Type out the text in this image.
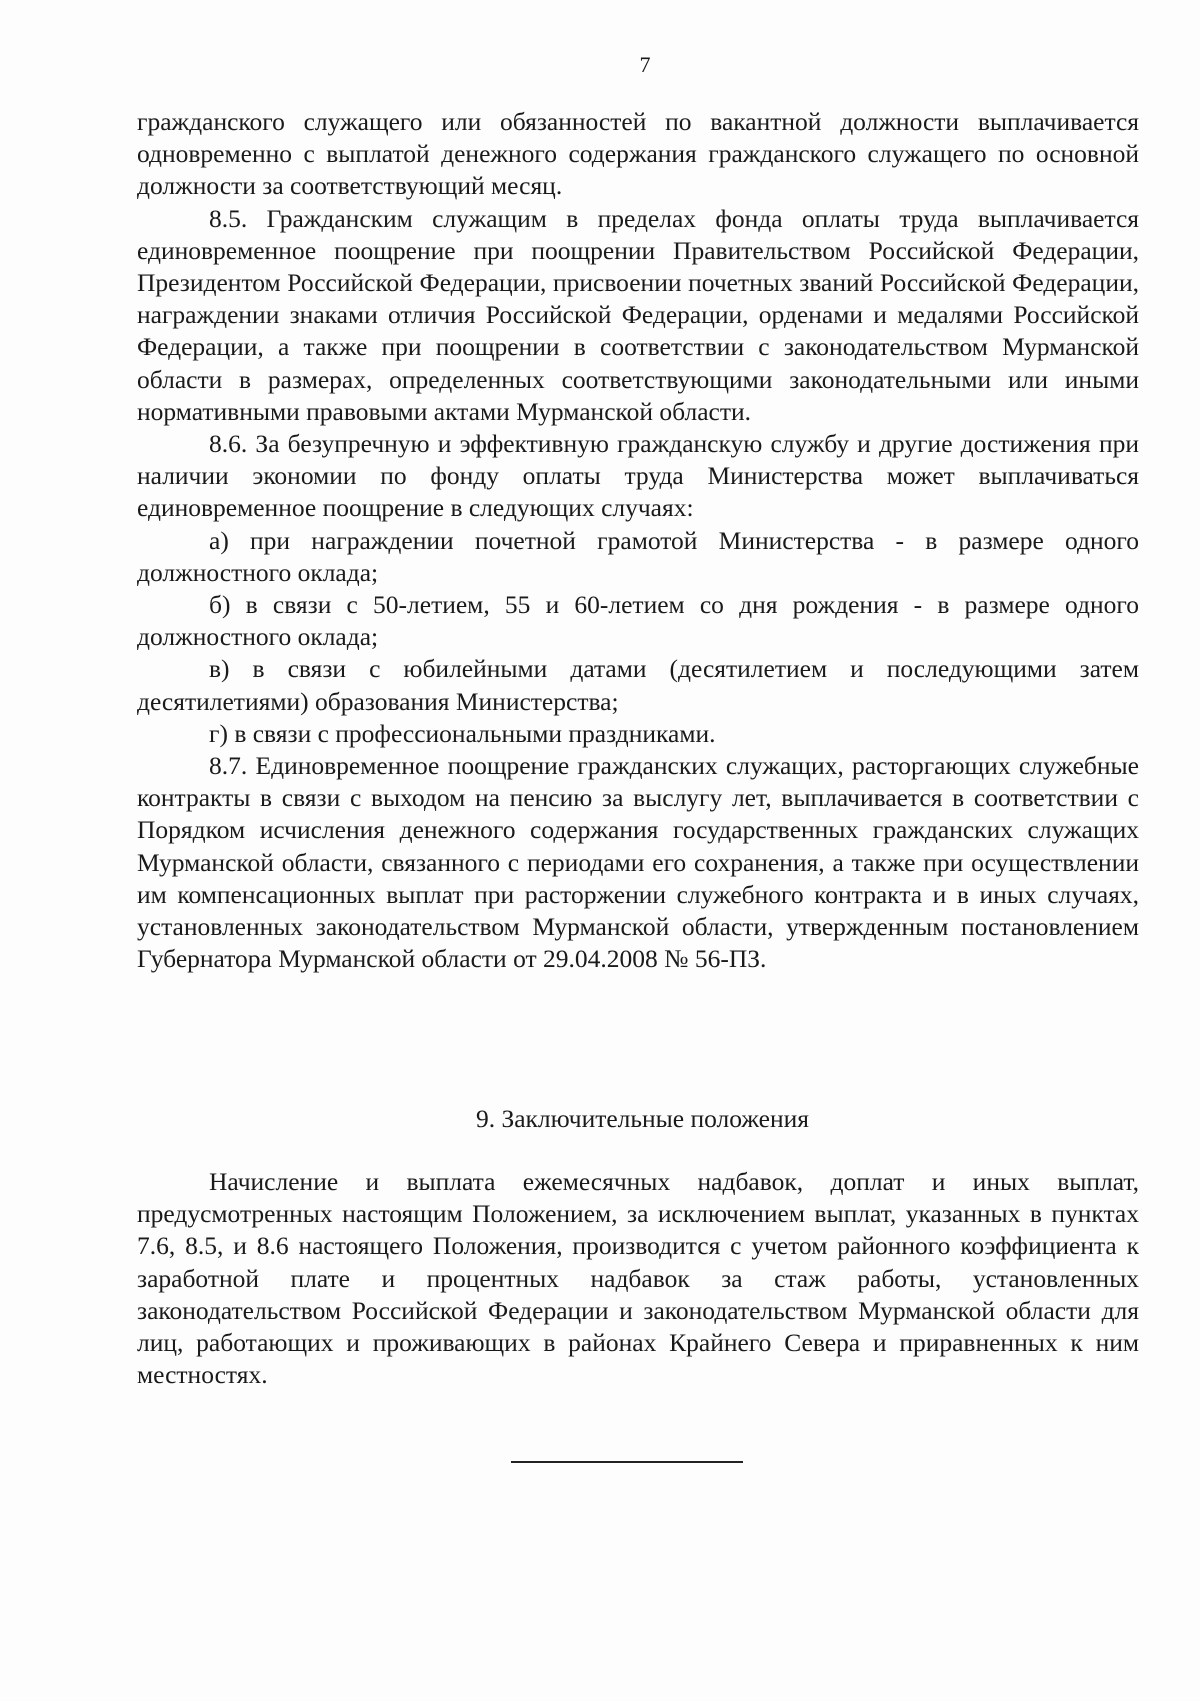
7

гражданского служащего или обязанностей по вакантной должности выплачивается одновременно с выплатой денежного содержания гражданского служащего по основной должности за соответствующий месяц.

8.5. Гражданским служащим в пределах фонда оплаты труда выплачивается единовременное поощрение при поощрении Правительством Российской Федерации, Президентом Российской Федерации, присвоении почетных званий Российской Федерации, награждении знаками отличия Российской Федерации, орденами и медалями Российской Федерации, а также при поощрении в соответствии с законодательством Мурманской области в размерах, определенных соответствующими законодательными или иными нормативными правовыми актами Мурманской области.

8.6. За безупречную и эффективную гражданскую службу и другие достижения при наличии экономии по фонду оплаты труда Министерства может выплачиваться единовременное поощрение в следующих случаях:

а) при награждении почетной грамотой Министерства - в размере одного должностного оклада;

б) в связи с 50-летием, 55 и 60-летием со дня рождения - в размере одного должностного оклада;

в) в связи с юбилейными датами (десятилетием и последующими затем десятилетиями) образования Министерства;

г) в связи с профессиональными праздниками.

8.7. Единовременное поощрение гражданских служащих, расторгающих служебные контракты в связи с выходом на пенсию за выслугу лет, выплачивается в соответствии с Порядком исчисления денежного содержания государственных гражданских служащих Мурманской области, связанного с периодами его сохранения, а также при осуществлении им компенсационных выплат при расторжении служебного контракта и в иных случаях, установленных законодательством Мурманской области, утвержденным постановлением Губернатора Мурманской области от 29.04.2008 № 56-ПЗ.

9. Заключительные положения

Начисление и выплата ежемесячных надбавок, доплат и иных выплат, предусмотренных настоящим Положением, за исключением выплат, указанных в пунктах 7.6, 8.5, и 8.6 настоящего Положения, производится с учетом районного коэффициента к заработной плате и процентных надбавок за стаж работы, установленных законодательством Российской Федерации и законодательством Мурманской области для лиц, работающих и проживающих в районах Крайнего Севера и приравненных к ним местностях.
